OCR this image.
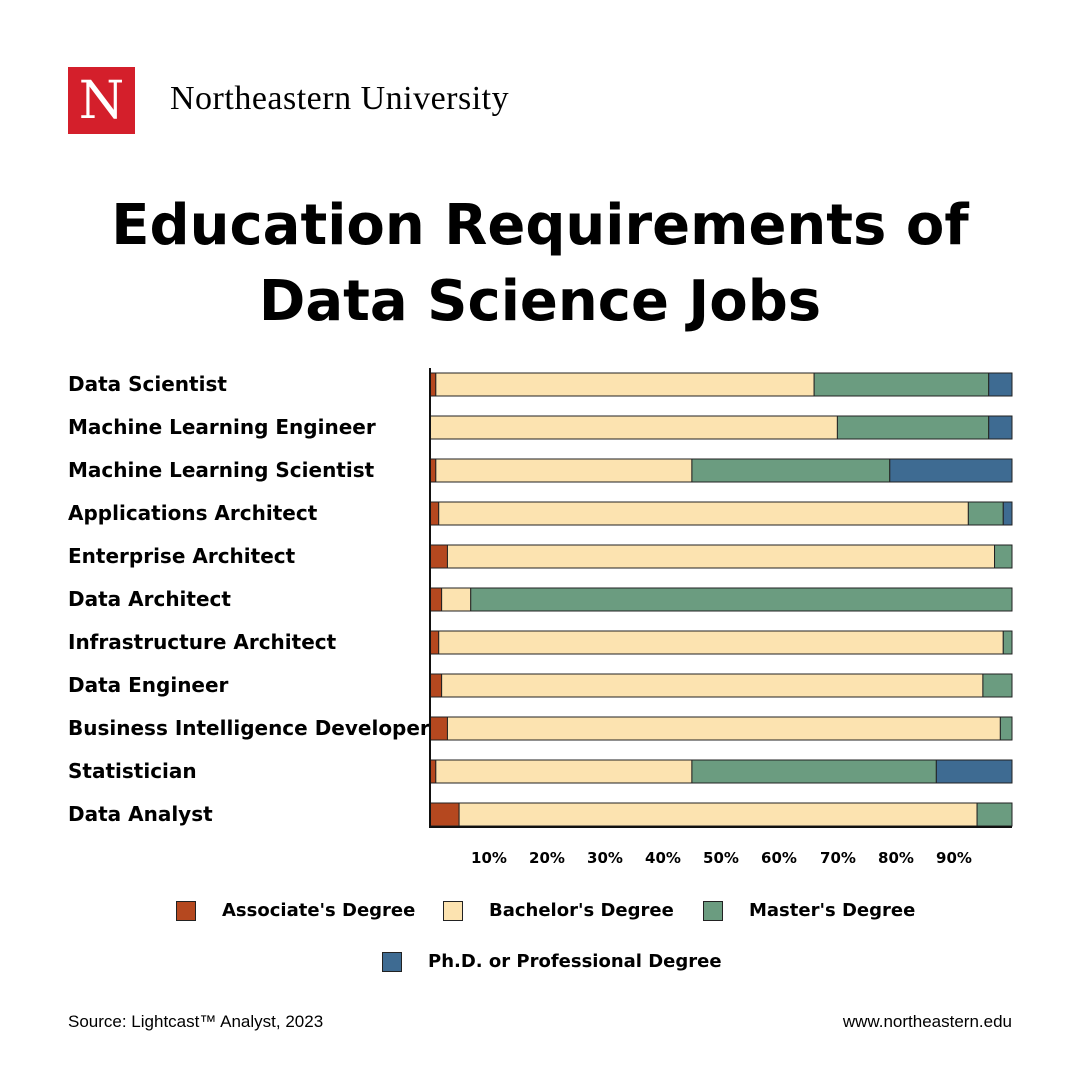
N Northeastern University
Education Requirements of
Data Science Jobs
Data Scientist
Machine Learning Engineer
Machine Learning Scientist
Applications Architect
Enterprise Architect
Data Architect
Infrastructure Architect
Data Engineer
Business Intelligence Developer
Statistician
Data Analyst
10%	20%	30%	40%	50%	60%	70%	80%	90%
Associate's Degree	Bachelor's Degree	Master's Degree
Ph.D. or Professional Degree
Source: Lightcast™ Analyst, 2023	www.northeastern.edu
